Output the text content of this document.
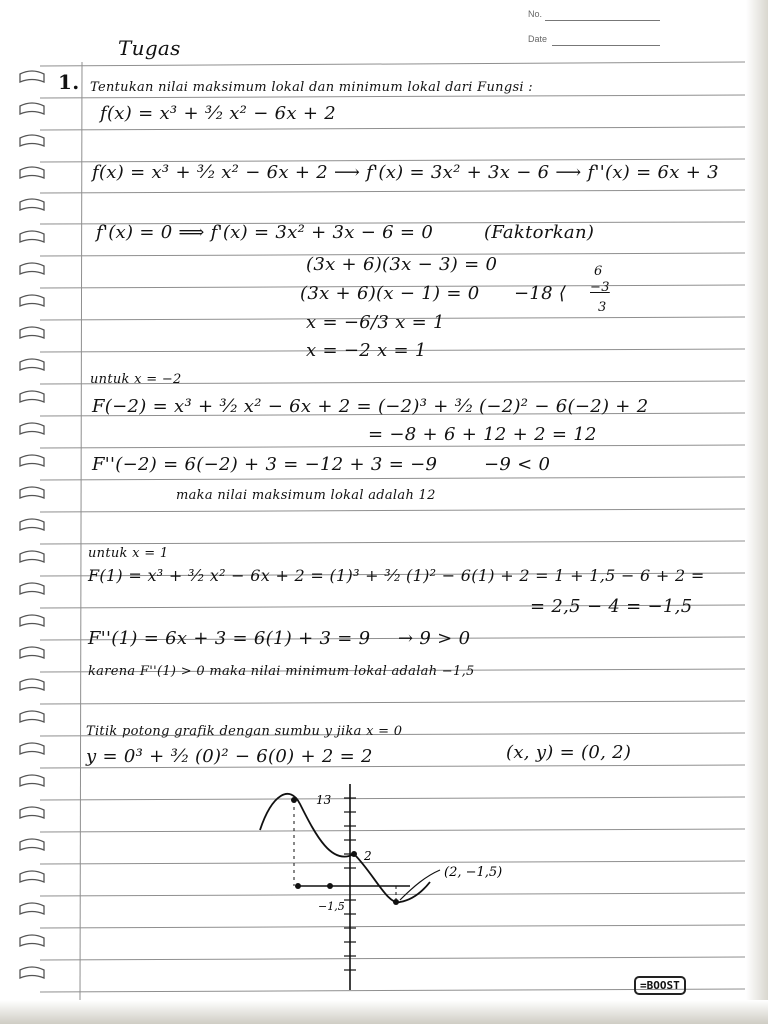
No.
Date
Tugas
1. Tentukan nilai maksimum lokal dan minimum lokal dari Fungsi :
f(x) = x³ + ³⁄₂ x² − 6x + 2
f(x) = x³ + ³⁄₂ x² − 6x + 2 ⟶ f'(x) = 3x² + 3x − 6 ⟶ f''(x) = 6x + 3
f'(x) = 0 ⟹ f'(x) = 3x² + 3x − 6 = 0	(Faktorkan)
(3x + 6)(3x − 3) = 0
(3x + 6)(x − 1) = 0 −18 ⟨
6
−3
3
x = −6/3 x = 1
x = −2 x = 1
untuk x = −2
F(−2) = x³ + ³⁄₂ x² − 6x + 2 = (−2)³ + ³⁄₂ (−2)² − 6(−2) + 2
= −8 + 6 + 12 + 2 = 12
F''(−2) = 6(−2) + 3 = −12 + 3 = −9	−9 < 0
maka nilai maksimum lokal adalah 12
untuk x = 1
F(1) = x³ + ³⁄₂ x² − 6x + 2 = (1)³ + ³⁄₂ (1)² − 6(1) + 2 = 1 + 1,5 − 6 + 2 =
= 2,5 − 4 = −1,5
F''(1) = 6x + 3 = 6(1) + 3 = 9 → 9 > 0
karena F''(1) > 0 maka nilai minimum lokal adalah −1,5
Titik potong grafik dengan sumbu y jika x = 0
y = 0³ + ³⁄₂ (0)² − 6(0) + 2 = 2	(x, y) = (0, 2)
13
2
−1,5
(2, −1,5)
=BOOST
